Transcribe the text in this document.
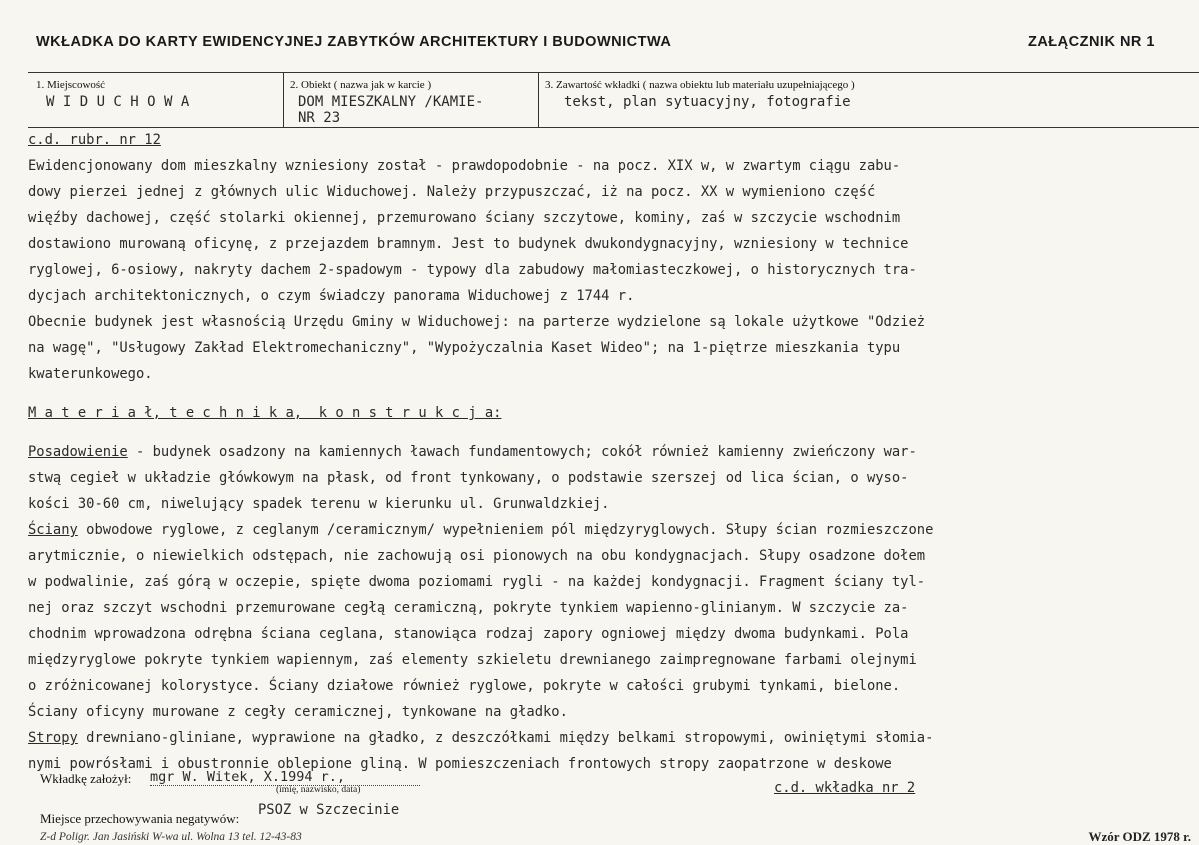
WKŁADKA DO KARTY EWIDENCYJNEJ ZABYTKÓW ARCHITEKTURY I BUDOWNICTWA	ZAŁĄCZNIK NR 1
1. Miejscowość
W I D U C H O W A
2. Obiekt ( nazwa jak w karcie )
DOM MIESZKALNY /KAMIE-
NR 23
3. Zawartość wkładki ( nazwa obiektu lub materiału uzupełniającego )
tekst, plan sytuacyjny, fotografie
c.d. rubr. nr 12
Ewidencjonowany dom mieszkalny wzniesiony został - prawdopodobnie - na pocz. XIX w, w zwartym ciągu zabu-
dowy pierzei jednej z głównych ulic Widuchowej. Należy przypuszczać, iż na pocz. XX w wymieniono część
więźby dachowej, część stolarki okiennej, przemurowano ściany szczytowe, kominy, zaś w szczycie wschodnim
dostawiono murowaną oficynę, z przejazdem bramnym. Jest to budynek dwukondygnacyjny, wzniesiony w technice
ryglowej, 6-osiowy, nakryty dachem 2-spadowym - typowy dla zabudowy małomiasteczkowej, o historycznych tra-
dycjach architektonicznych, o czym świadczy panorama Widuchowej z 1744 r.
Obecnie budynek jest własnością Urzędu Gminy w Widuchowej: na parterze wydzielone są lokale użytkowe "Odzież
na wagę", "Usługowy Zakład Elektromechaniczny", "Wypożyczalnia Kaset Wideo"; na 1-piętrze mieszkania typu
kwaterunkowego.
M a t e r i a ł, t e c h n i k a,  k o n s t r u k c j a:
Posadowienie - budynek osadzony na kamiennych ławach fundamentowych; cokół również kamienny zwieńczony war-
stwą cegieł w układzie główkowym na płask, od front tynkowany, o podstawie szerszej od lica ścian, o wyso-
kości 30-60 cm, niwelujący spadek terenu w kierunku ul. Grunwaldzkiej.
Ściany obwodowe ryglowe, z ceglanym /ceramicznym/ wypełnieniem pól międzyryglowych. Słupy ścian rozmieszczone
arytmicznie, o niewielkich odstępach, nie zachowują osi pionowych na obu kondygnacjach. Słupy osadzone dołem
w podwalinie, zaś górą w oczepie, spięte dwoma poziomami rygli - na każdej kondygnacji. Fragment ściany tyl-
nej oraz szczyt wschodni przemurowane cegłą ceramiczną, pokryte tynkiem wapienno-glinianym. W szczycie za-
chodnim wprowadzona odrębna ściana ceglana, stanowiąca rodzaj zapory ogniowej między dwoma budynkami. Pola
międzyryglowe pokryte tynkiem wapiennym, zaś elementy szkieletu drewnianego zaimpregnowane farbami olejnymi
o zróżnicowanej kolorystyce. Ściany działowe również ryglowe, pokryte w całości grubymi tynkami, bielone.
Ściany oficyny murowane z cegły ceramicznej, tynkowane na gładko.
Stropy drewniano-gliniane, wyprawione na gładko, z deszczółkami między belkami stropowymi, owiniętymi słomia-
nymi powrósłami i obustronnie oblepione gliną. W pomieszczeniach frontowych stropy zaopatrzone w deskowe
Wkładkę założył: mgr W. Witek, X.1994 r.,
(imię, nazwisko, data)	c.d. wkładka nr 2
Miejsce przechowywania negatywów:
PSOZ w Szczecinie
Z-d Poligr. Jan Jasiński W-wa ul. Wolna 13 tel. 12-43-83	Wzór ODZ 1978 r.
